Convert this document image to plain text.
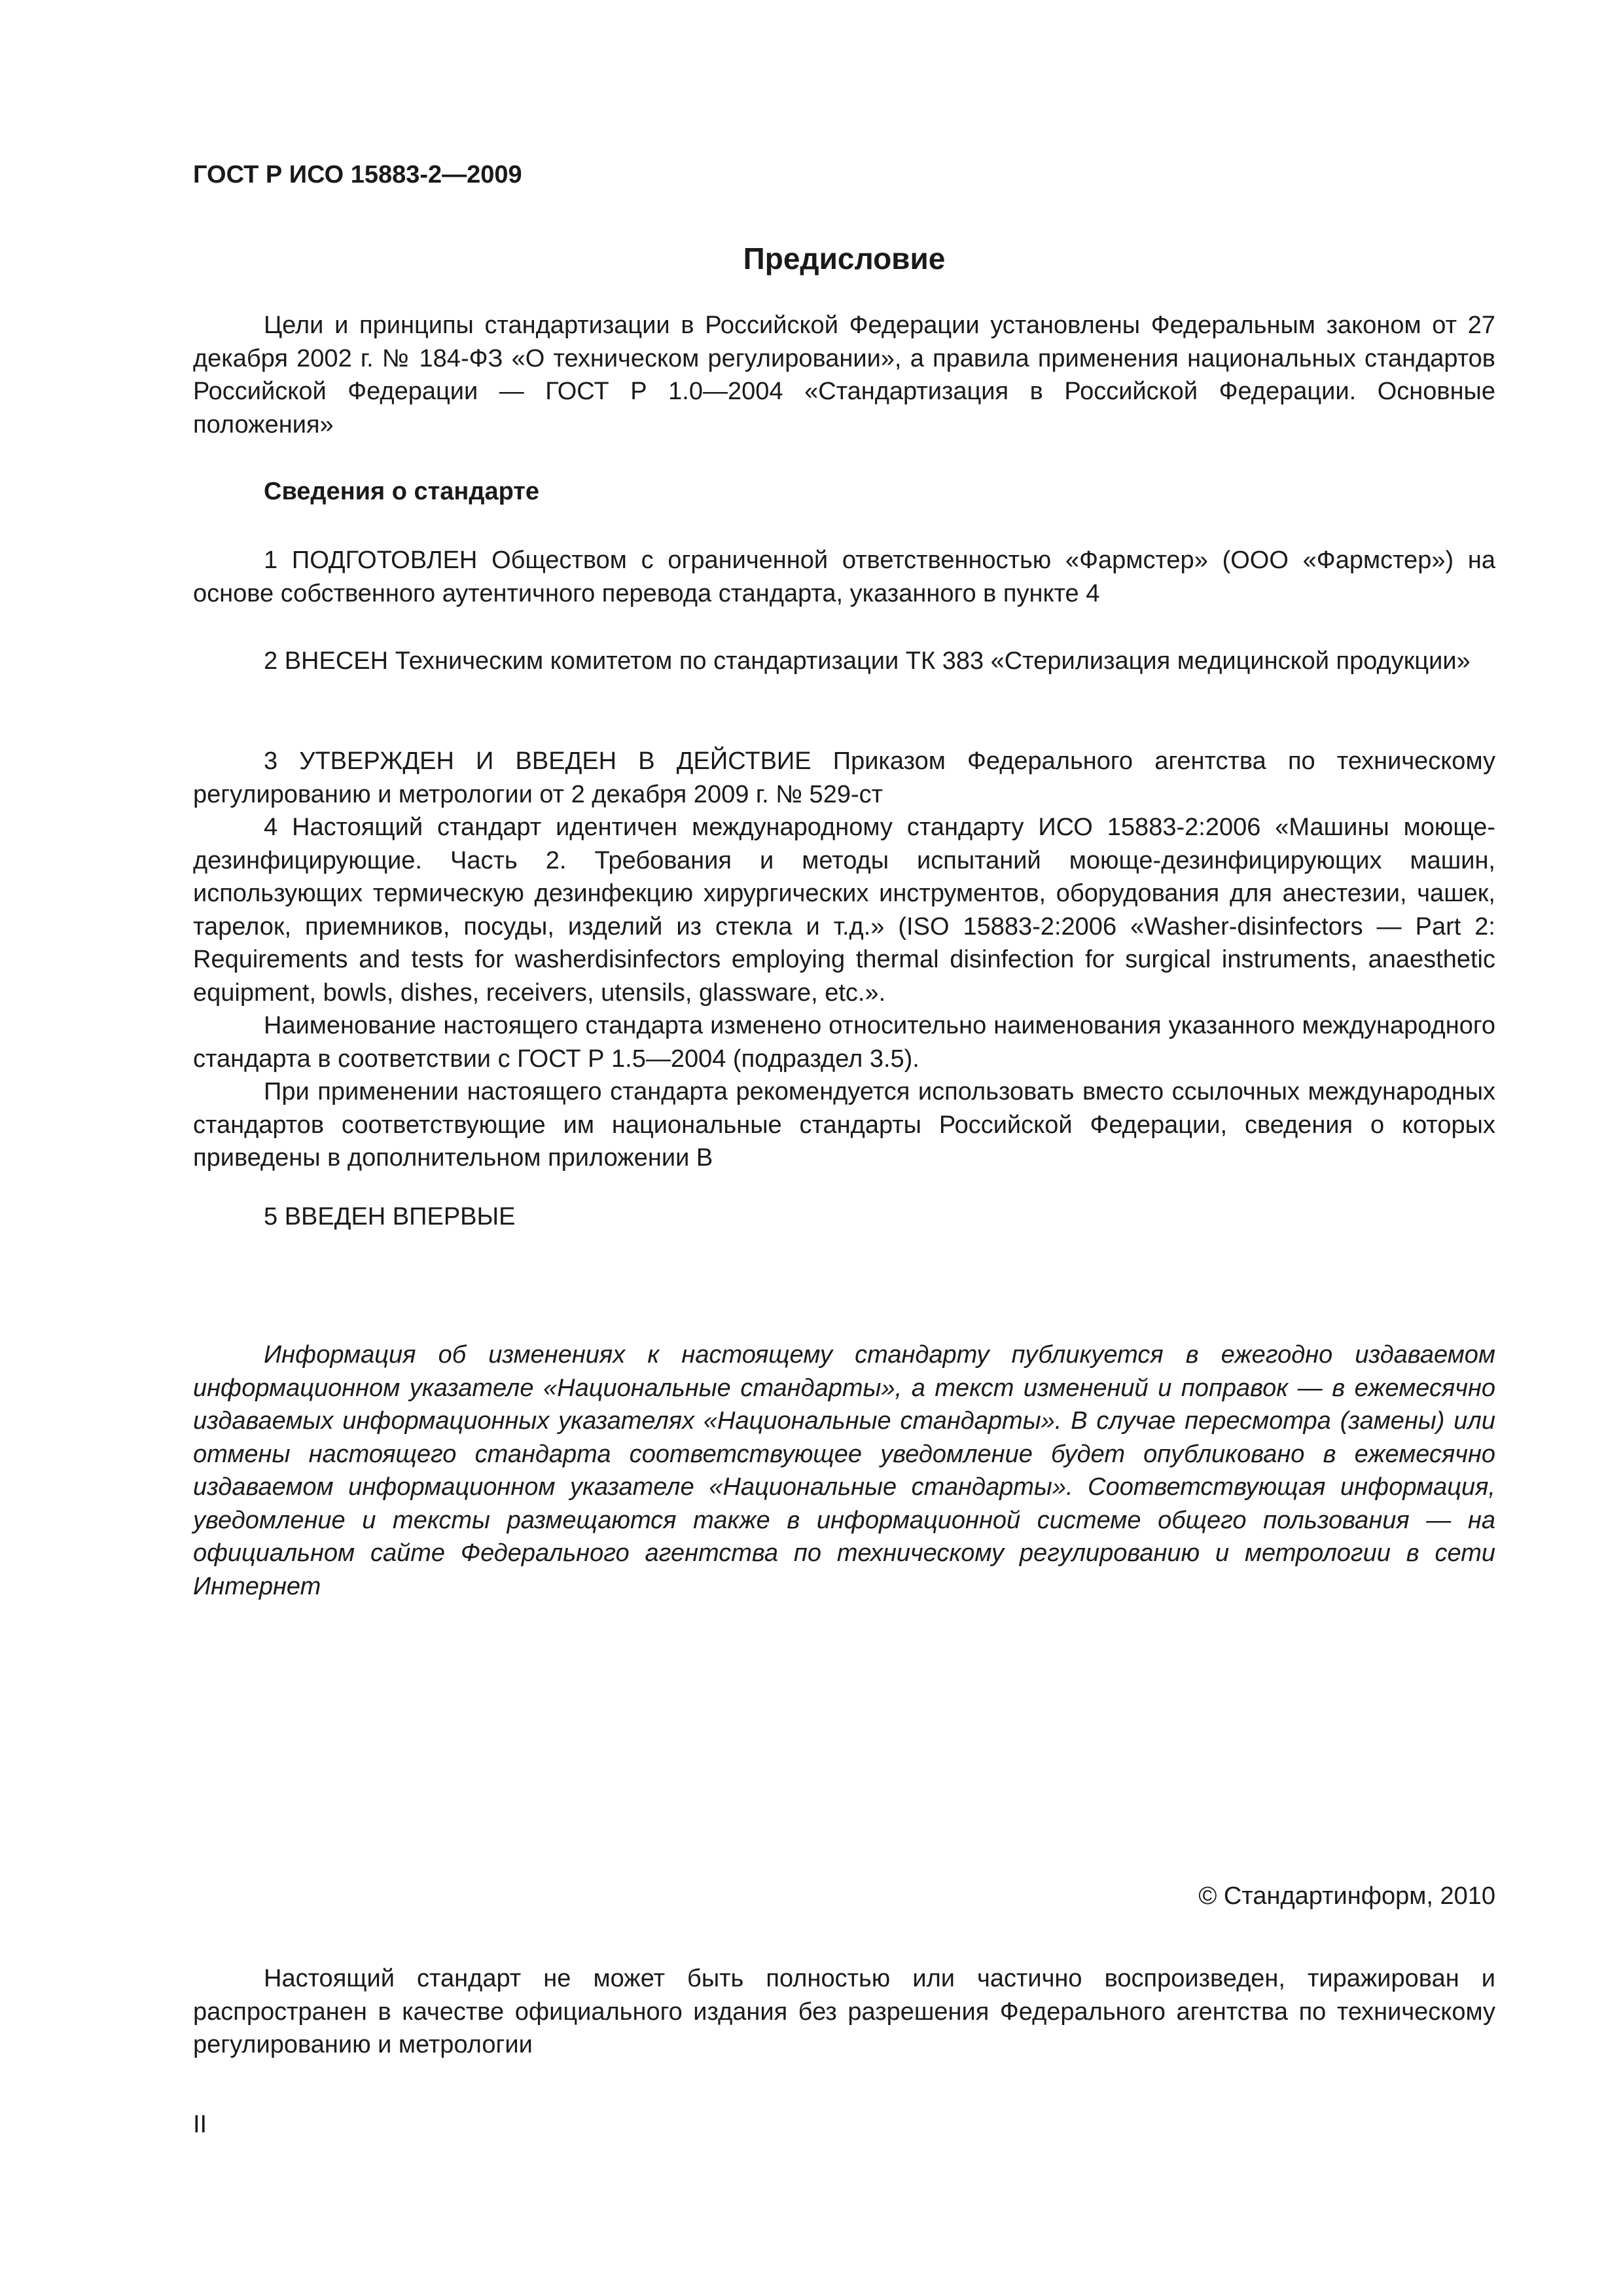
ГОСТ Р ИСО 15883-2—2009

Предисловие

Цели и принципы стандартизации в Российской Федерации установлены Федеральным законом от 27 декабря 2002 г. № 184-ФЗ «О техническом регулировании», а правила применения национальных стандартов Российской Федерации — ГОСТ Р 1.0—2004 «Стандартизация в Российской Федерации. Основные положения»

Сведения о стандарте

1 ПОДГОТОВЛЕН Обществом с ограниченной ответственностью «Фармстер» (ООО «Фармстер») на основе собственного аутентичного перевода стандарта, указанного в пункте 4

2 ВНЕСЕН Техническим комитетом по стандартизации ТК 383 «Стерилизация медицинской продукции»

3 УТВЕРЖДЕН И ВВЕДЕН В ДЕЙСТВИЕ Приказом Федерального агентства по техническому регулированию и метрологии от 2 декабря 2009 г. № 529-ст

4 Настоящий стандарт идентичен международному стандарту ИСО 15883-2:2006 «Машины моюще-дезинфицирующие. Часть 2. Требования и методы испытаний моюще-дезинфицирующих машин, использующих термическую дезинфекцию хирургических инструментов, оборудования для анестезии, чашек, тарелок, приемников, посуды, изделий из стекла и т.д.» (ISO 15883-2:2006 «Washer-disinfectors — Part 2: Requirements and tests for washerdisinfectors employing thermal disinfection for surgical instruments, anaesthetic equipment, bowls, dishes, receivers, utensils, glassware, etc.».

Наименование настоящего стандарта изменено относительно наименования указанного международного стандарта в соответствии с ГОСТ Р 1.5—2004 (подраздел 3.5).

При применении настоящего стандарта рекомендуется использовать вместо ссылочных международных стандартов соответствующие им национальные стандарты Российской Федерации, сведения о которых приведены в дополнительном приложении В

5 ВВЕДЕН ВПЕРВЫЕ

Информация об изменениях к настоящему стандарту публикуется в ежегодно издаваемом информационном указателе «Национальные стандарты», а текст изменений и поправок — в ежемесячно издаваемых информационных указателях «Национальные стандарты». В случае пересмотра (замены) или отмены настоящего стандарта соответствующее уведомление будет опубликовано в ежемесячно издаваемом информационном указателе «Национальные стандарты». Соответствующая информация, уведомление и тексты размещаются также в информационной системе общего пользования — на официальном сайте Федерального агентства по техническому регулированию и метрологии в сети Интернет

© Стандартинформ, 2010

Настоящий стандарт не может быть полностью или частично воспроизведен, тиражирован и распространен в качестве официального издания без разрешения Федерального агентства по техническому регулированию и метрологии

II
